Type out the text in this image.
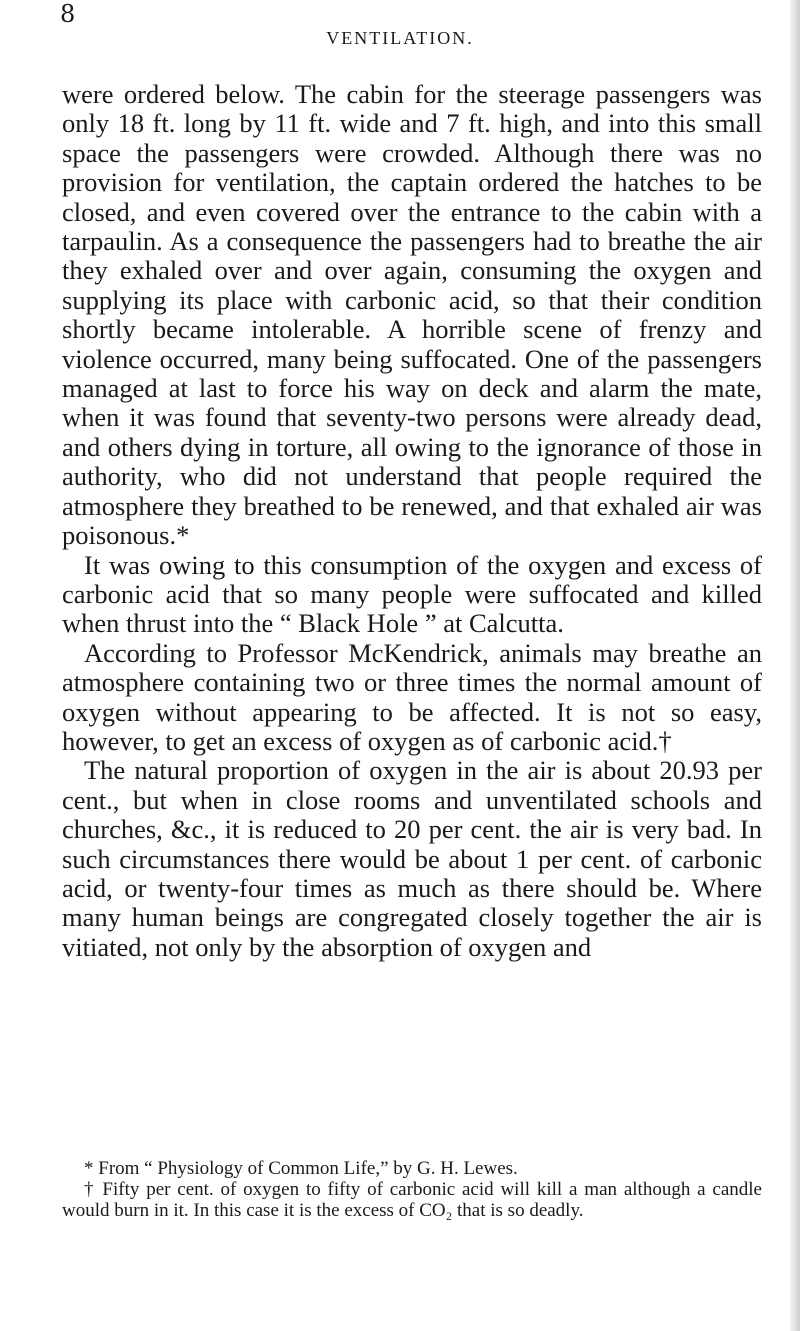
8
VENTILATION.

were ordered below. The cabin for the steerage passengers was only 18 ft. long by 11 ft. wide and 7 ft. high, and into this small space the passengers were crowded. Although there was no provision for ventilation, the captain ordered the hatches to be closed, and even covered over the entrance to the cabin with a tarpaulin. As a consequence the passengers had to breathe the air they exhaled over and over again, consuming the oxygen and supplying its place with carbonic acid, so that their condition shortly became intolerable. A horrible scene of frenzy and violence occurred, many being suffocated. One of the passengers managed at last to force his way on deck and alarm the mate, when it was found that seventy-two persons were already dead, and others dying in torture, all owing to the ignorance of those in authority, who did not understand that people required the atmosphere they breathed to be renewed, and that exhaled air was poisonous.*

It was owing to this consumption of the oxygen and excess of carbonic acid that so many people were suffocated and killed when thrust into the “ Black Hole ” at Calcutta.

According to Professor McKendrick, animals may breathe an atmosphere containing two or three times the normal amount of oxygen without appearing to be affected. It is not so easy, however, to get an excess of oxygen as of carbonic acid.†

The natural proportion of oxygen in the air is about 20.93 per cent., but when in close rooms and unventilated schools and churches, &c., it is reduced to 20 per cent. the air is very bad. In such circumstances there would be about 1 per cent. of carbonic acid, or twenty-four times as much as there should be. Where many human beings are congregated closely together the air is vitiated, not only by the absorption of oxygen and

* From “ Physiology of Common Life,” by G. H. Lewes.

† Fifty per cent. of oxygen to fifty of carbonic acid will kill a man although a candle would burn in it. In this case it is the excess of CO₂ that is so deadly.
